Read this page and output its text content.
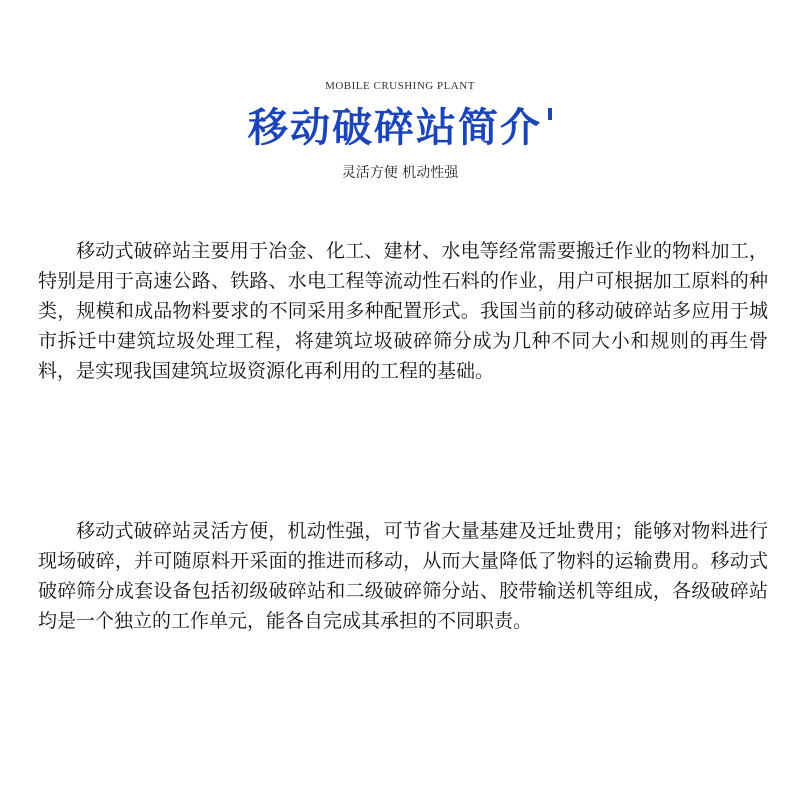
MOBILE CRUSHING PLANT
移动破碎站简介
灵活方便 机动性强

移动式破碎站主要用于冶金、化工、建材、水电等经常需要搬迁作业的物料加工，特别是用于高速公路、铁路、水电工程等流动性石料的作业，用户可根据加工原料的种类，规模和成品物料要求的不同采用多种配置形式。我国当前的移动破碎站多应用于城市拆迁中建筑垃圾处理工程，将建筑垃圾破碎筛分成为几种不同大小和规则的再生骨料，是实现我国建筑垃圾资源化再利用的工程的基础。

移动式破碎站灵活方便，机动性强，可节省大量基建及迁址费用；能够对物料进行现场破碎，并可随原料开采面的推进而移动，从而大量降低了物料的运输费用。移动式破碎筛分成套设备包括初级破碎站和二级破碎筛分站、胶带输送机等组成，各级破碎站均是一个独立的工作单元，能各自完成其承担的不同职责。
